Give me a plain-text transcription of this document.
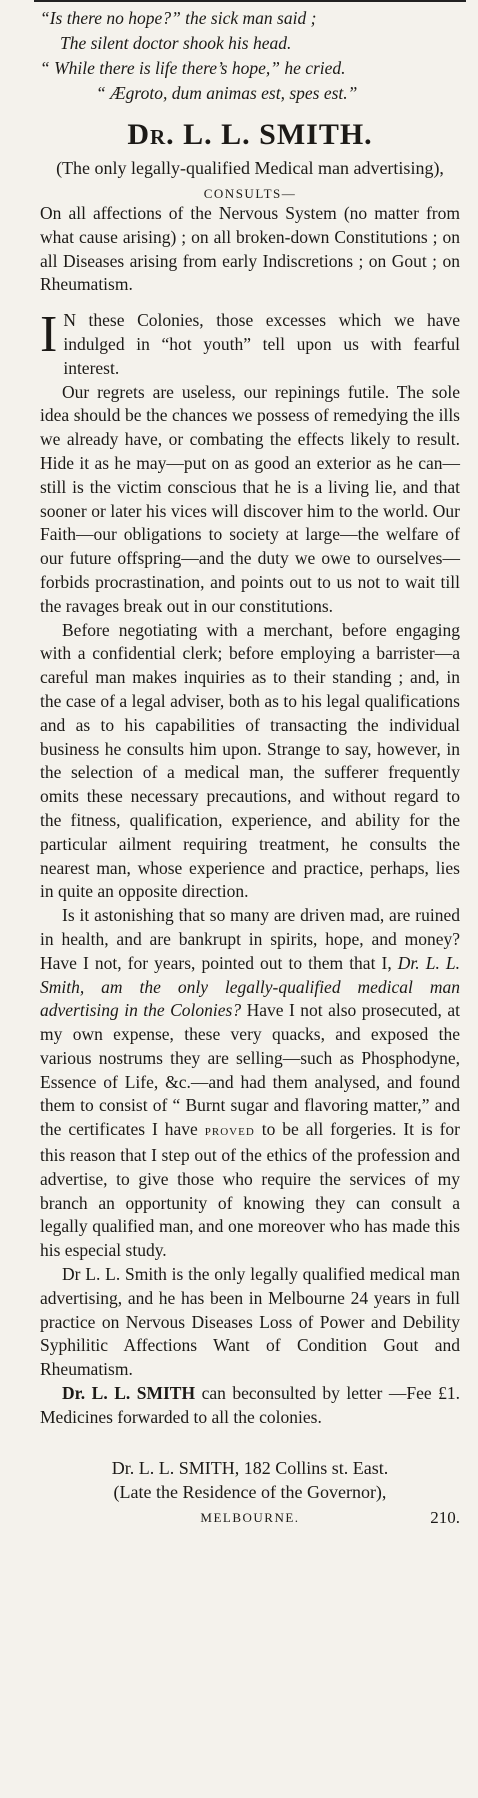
“Is there no hope?” the sick man said ;
The silent doctor shook his head.
“ While there is life there’s hope,” he cried.
“ Ægroto, dum animas est, spes est.”
Dr. L. L. SMITH.
(The only legally-qualified Medical man advertising),
CONSULTS—

On all affections of the Nervous System (no matter from what cause arising) ; on all broken-down Constitutions ; on all Diseases arising from early Indiscretions ; on Gout ; on Rheumatism.

IN these Colonies, those excesses which we have indulged in “hot youth” tell upon us with fearful interest.

Our regrets are useless, our repinings futile. The sole idea should be the chances we possess of remedying the ills we already have, or combating the effects likely to result. Hide it as he may—put on as good an exterior as he can—still is the victim conscious that he is a living lie, and that sooner or later his vices will discover him to the world. Our Faith—our obligations to society at large—the welfare of our future offspring—and the duty we owe to ourselves—forbids procrastination, and points out to us not to wait till the ravages break out in our constitutions.

Before negotiating with a merchant, before engaging with a confidential clerk; before employing a barrister—a careful man makes inquiries as to their standing ; and, in the case of a legal adviser, both as to his legal qualifications and as to his capabilities of transacting the individual business he consults him upon. Strange to say, however, in the selection of a medical man, the sufferer frequently omits these necessary precautions, and without regard to the fitness, qualification, experience, and ability for the particular ailment requiring treatment, he consults the nearest man, whose experience and practice, perhaps, lies in quite an opposite direction.

Is it astonishing that so many are driven mad, are ruined in health, and are bankrupt in spirits, hope, and money? Have I not, for years, pointed out to them that I, Dr. L. L. Smith, am the only legally-qualified medical man advertising in the Colonies? Have I not also prosecuted, at my own expense, these very quacks, and exposed the various nostrums they are selling—such as Phosphodyne, Essence of Life, &c.—and had them analysed, and found them to consist of “ Burnt sugar and flavoring matter,” and the certificates I have proved to be all forgeries. It is for this reason that I step out of the ethics of the profession and advertise, to give those who require the services of my branch an opportunity of knowing they can consult a legally qualified man, and one moreover who has made this his especial study.

Dr L. L. Smith is the only legally qualified medical man advertising, and he has been in Melbourne 24 years in full practice on Nervous Diseases Loss of Power and Debility Syphilitic Affections Want of Condition Gout and Rheumatism.

Dr. L. L. SMITH can beconsulted by letter —Fee £1. Medicines forwarded to all the colonies.

Dr. L. L. SMITH, 182 Collins st. East.
(Late the Residence of the Governor),
MELBOURNE.	210.
